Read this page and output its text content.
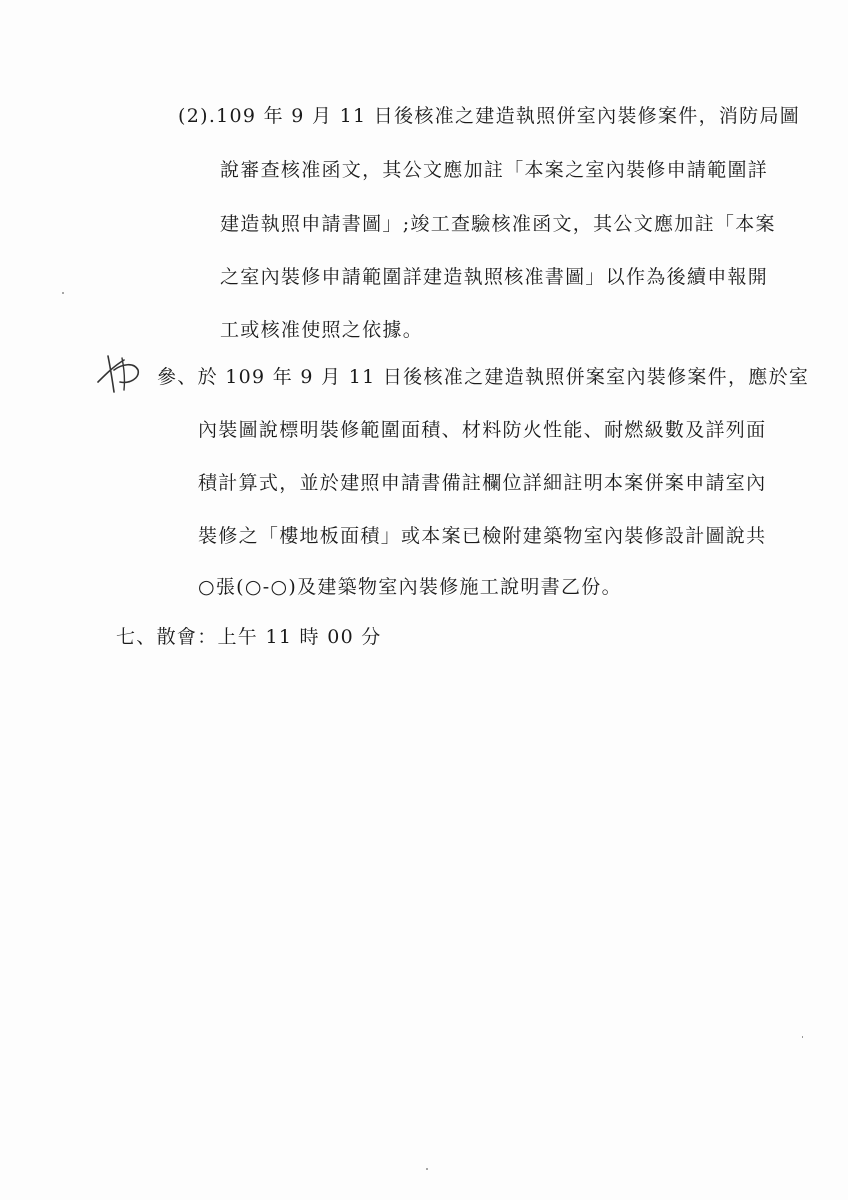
(2).109 年 9 月 11 日後核准之建造執照併室內裝修案件，消防局圖
說審查核准函文，其公文應加註「本案之室內裝修申請範圍詳
建造執照申請書圖」;竣工查驗核准函文，其公文應加註「本案
之室內裝修申請範圍詳建造執照核准書圖」以作為後續申報開
工或核准使照之依據。
參、於 109 年 9 月 11 日後核准之建造執照併案室內裝修案件，應於室
內裝圖說標明裝修範圍面積、材料防火性能、耐燃級數及詳列面
積計算式，並於建照申請書備註欄位詳細註明本案併案申請室內
裝修之「樓地板面積」或本案已檢附建築物室內裝修設計圖說共
○張(○-○)及建築物室內裝修施工說明書乙份。
七、散會：上午 11 時 00 分
